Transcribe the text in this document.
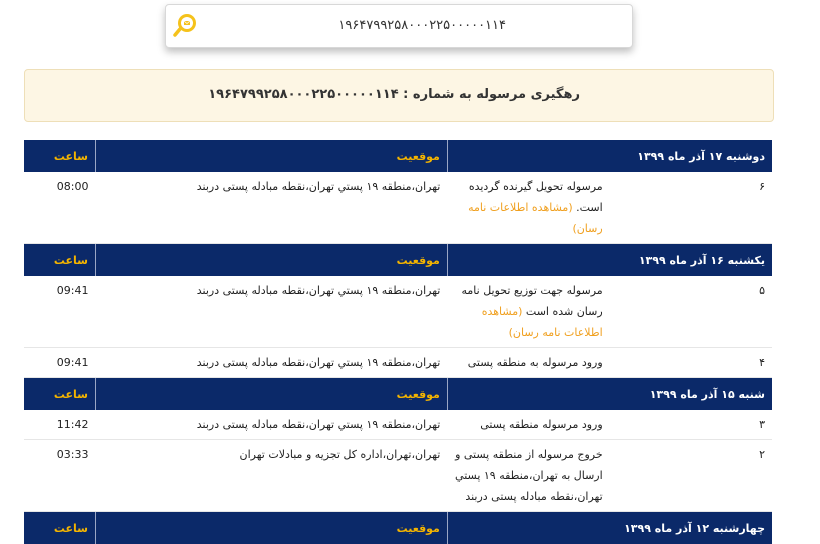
۱۹۶۴۷۹۹۲۵۸۰۰۰۲۲۵۰۰۰۰۰۱۱۴
رهگیری مرسوله به شماره : ۱۹۶۴۷۹۹۲۵۸۰۰۰۲۲۵۰۰۰۰۰۱۱۴
دوشنبه ۱۷ آذر ماه ۱۳۹۹		موقعیت	ساعت
۶	مرسوله تحويل گيرنده گرديده است. (مشاهده اطلاعات نامه رسان)	تهران،منطقه ۱۹ پستي تهران،نقطه مبادله پستی دربند	08:00
یکشنبه ۱۶ آذر ماه ۱۳۹۹		موقعیت	ساعت
۵	مرسوله جهت توزيع تحويل نامه رسان شده است (مشاهده اطلاعات نامه رسان)	تهران،منطقه ۱۹ پستي تهران،نقطه مبادله پستی دربند	09:41
۴	ورود مرسوله به منطقه پستی	تهران،منطقه ۱۹ پستي تهران،نقطه مبادله پستی دربند	09:41
شنبه ۱۵ آذر ماه ۱۳۹۹		موقعیت	ساعت
۳	ورود مرسوله منطقه پستی	تهران،منطقه ۱۹ پستي تهران،نقطه مبادله پستی دربند	11:42
۲	خروج مرسوله از منطقه پستی و ارسال به تهران،منطقه ۱۹ پستي تهران،نقطه مبادله پستی دربند	تهران،تهران،اداره کل تجزیه و مبادلات تهران	03:33
چهارشنبه ۱۲ آذر ماه ۱۳۹۹		موقعیت	ساعت
